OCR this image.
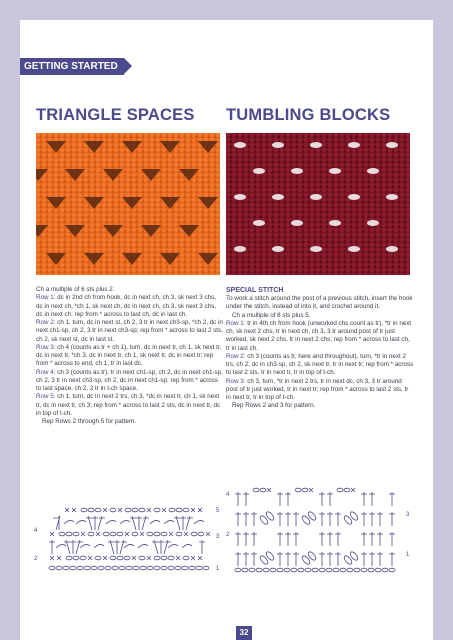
GETTING STARTED
TRIANGLE SPACES TUMBLING BLOCKS

Ch a multiple of 6 sts plus 2.

Row 1: dc in 2nd ch from hook, dc in next ch, ch 3, sk next 3 chs, dc in next ch, *ch 1, sk next ch, dc in next ch, ch 3, sk next 3 chs, dc in next ch; rep from * across to last ch, dc in last ch.

Row 2: ch 1, turn, dc in next st, ch 2, 3 tr in next ch3-sp, *ch 2, dc in next ch1-sp, ch 2, 3 tr in next ch3-sp; rep from * across to last 2 sts, ch 2, sk next st, dc in last st.

Row 3: ch 4 (counts as tr + ch 1), turn, dc in next tr, ch 1, sk next tr, dc in next tr, *ch 3, dc in next tr, ch 1, sk next tr, dc in next tr; rep from * across to end, ch 1, tr in last dc.

Row 4: ch 3 (counts as tr), tr in next ch1-sp, ch 2, dc in next ch1-sp, ch 2, 3 tr in next ch3-sp, ch 2, dc in next ch1-sp; rep from * across to last space, ch 2, 2 tr in t-ch space.

Row 5: ch 1, turn, dc in next 2 trs, ch 3, *dc in next tr, ch 1, sk next tr, dc in next tr, ch 3; rep from * across to last 2 sts, dc in next tr, dc in top of t-ch.

Rep Rows 2 through 5 for pattern.

SPECIAL STITCH

To work a stitch around the post of a previous stitch, insert the hook under the stitch, instead of into it, and crochet around it.

Ch a multiple of 8 sts plus 5.

Row 1: tr in 4th ch from hook (unworked chs count as tr), *tr in next ch, sk next 2 chs, tr in next ch, ch 3, 3 tr around post of tr just worked, sk next 2 chs, tr in next 2 chs; rep from * across to last ch, tr in last ch.

Row 2: ch 3 (counts as tr, here and throughout), turn, *tr in next 2 trs, ch 2, dc in ch3-sp, ch 2, sk next tr, tr in next tr; rep from * across to last 2 sts, tr in next tr, tr in top of t-ch.

Row 3: ch 3, turn, *tr in next 2 trs, tr in next dc, ch 3, 3 tr around post of tr just worked, tr in next tr; rep from * across to last 2 sts, tr in next tr, tr in top of t-ch.

Rep Rows 2 and 3 for pattern.

5
4
3
2
1
4
3
2
1
32
